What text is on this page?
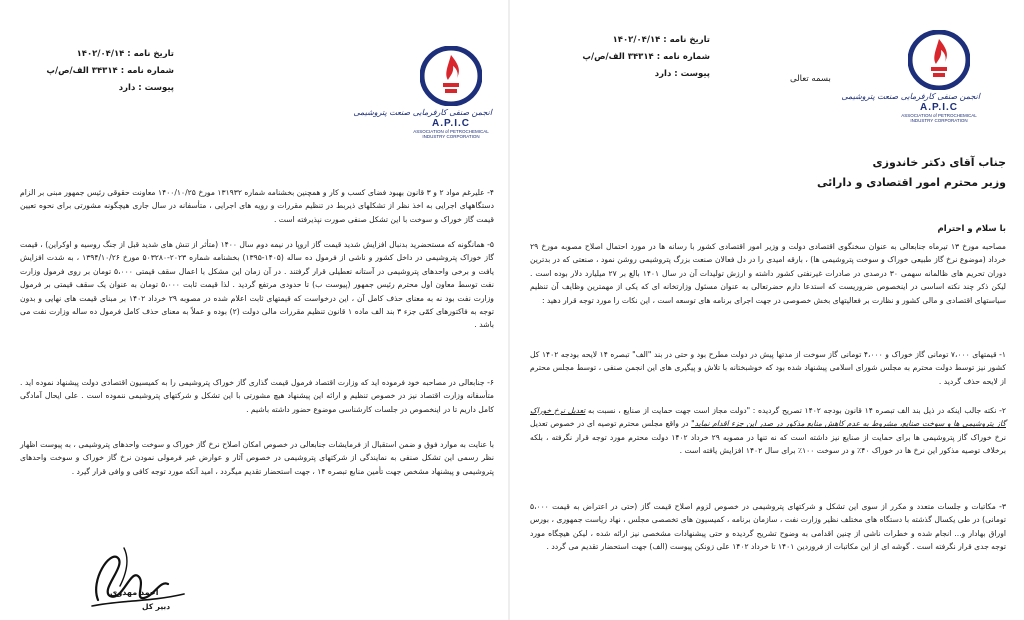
انجمن صنفی کارفرمایی صنعت پتروشیمی
A.P.I.C
ASSOCIATION of PETROCHEMICAL
INDUSTRY CORPORATION
تاریخ نامه : ۱۴۰۲/۰۴/۱۴
شماره نامه : ۳۴۳۱۴ الف/ص/پ
پیوست : دارد	بسمه تعالی
جناب آقای دکتر خاندوزی
وزیر محترم امور اقتصادی و دارائی
با سلام و احترام

مصاحبه مورخ ۱۳ تیرماه جنابعالی به عنوان سخنگوی اقتصادی دولت و وزیر امور اقتصادی کشور با رسانه ها در مورد احتمال اصلاح مصوبه مورخ ۲۹ خرداد (موضوع نرخ گاز طبیعی خوراک و سوخت پتروشیمی ها) ، بارقه امیدی را در دل فعالان صنعت بزرگ پتروشیمی روشن نمود ، صنعتی که در بدترین دوران تحریم های ظالمانه سهمی ۳۰ درصدی در صادرات غیرنفتی کشور داشته و ارزش تولیدات آن در سال ۱۴۰۱ بالغ بر ۲۷ میلیارد دلار بوده است . لیکن ذکر چند نکته اساسی در اینخصوص ضروریست که استدعا دارم حضرتعالی به عنوان مسئول وزارتخانه ای که یکی از مهمترین وظایف آن تنظیم سیاستهای اقتصادی و مالی کشور و نظارت بر فعالیتهای بخش خصوصی در جهت اجرای برنامه های توسعه است ، این نکات را مورد توجه قرار دهید :

۱- قیمتهای ۷،۰۰۰ تومانی گاز خوراک و ۴،۰۰۰ تومانی گاز سوخت از مدتها پیش در دولت مطرح بود و حتی در بند "الف" تبصره ۱۴ لایحه بودجه ۱۴۰۲ کل کشور نیز توسط دولت محترم به مجلس شورای اسلامی پیشنهاد شده بود که خوشبختانه با تلاش و پیگیری های این انجمن صنفی ، توسط مجلس محترم از لایحه حذف گردید .

۲- نکته جالب اینکه در ذیل بند الف تبصره ۱۴ قانون بودجه ۱۴۰۲ تصریح گردیده : "دولت مجاز است جهت حمایت از صنایع ، نسبت به تعدیل نرخ خوراک گاز پتروشیمی ها و سوخت صنایع، مشروط به عدم کاهش منابع مذکور در صدر این جزء اقدام نماید" در واقع مجلس محترم توصیه ای در خصوص تعدیل نرخ خوراک گاز پتروشیمی ها برای حمایت از صنایع نیز داشته است که نه تنها در مصوبه ۲۹ خرداد ۱۴۰۲ دولت محترم مورد توجه قرار نگرفته ، بلکه برخلاف توصیه مذکور این نرخ ها در خوراک ۴۰٪ و در سوخت ۱۰۰٪ برای سال ۱۴۰۲ افزایش یافته است .

۳- مکاتبات و جلسات متعدد و مکرر از سوی این تشکل و شرکتهای پتروشیمی در خصوص لزوم اصلاح قیمت گاز (حتی در اعتراض به قیمت ۵،۰۰۰ تومانی) در طی یکسال گذشته با دستگاه های مختلف نظیر وزارت نفت ، سازمان برنامه ، کمیسیون های تخصصی مجلس ، نهاد ریاست جمهوری ، بورس اوراق بهادار و... انجام شده و خطرات ناشی از چنین اقدامی به وضوح تشریح گردیده و حتی پیشنهادات مشخصی نیز ارائه شده ، لیکن هیچگاه مورد توجه جدی قرار نگرفته است . گوشه ای از این مکاتبات از فروردین ۱۴۰۱ تا خرداد ۱۴۰۲ علی زونکن پیوست (الف) جهت استحضار تقدیم می گردد .

انجمن صنفی کارفرمایی صنعت پتروشیمی
A.P.I.C
ASSOCIATION of PETROCHEMICAL
INDUSTRY CORPORATION
تاریخ نامه : ۱۴۰۲/۰۴/۱۴
شماره نامه : ۳۴۳۱۴ الف/ص/پ
پیوست : دارد

۴- علیرغم مواد ۲ و ۳ قانون بهبود فضای کسب و کار و همچنین بخشنامه شماره ۱۳۱۹۳۲ مورخ ۱۴۰۰/۱۰/۲۵ معاونت حقوقی رئیس جمهور مبنی بر الزام دستگاههای اجرایی به اخذ نظر از تشکلهای ذیربط در تنظیم مقررات و رویه های اجرایی ، متأسفانه در سال جاری هیچگونه مشورتی برای نحوه تعیین قیمت گاز خوراک و سوخت با این تشکل صنفی صورت نپذیرفته است .

۵- همانگونه که مستحضرید بدنبال افزایش شدید قیمت گاز اروپا در نیمه دوم سال ۱۴۰۰ (متأثر از تنش های شدید قبل از جنگ روسیه و اوکراین) ، قیمت گاز خوراک پتروشیمی در داخل کشور و ناشی از فرمول ده ساله (۱۴۰۵-۱۳۹۵) بخشنامه شماره ۲۰۲۳-۵۰۳۲۸۰ مورخ ۱۳۹۴/۱۰/۲۶ ، به شدت افزایش یافت و برخی واحدهای پتروشیمی در آستانه تعطیلی قرار گرفتند . در آن زمان این مشکل با اعمال سقف قیمتی ۵،۰۰۰ تومان بر روی فرمول وزارت نفت توسط معاون اول محترم رئیس جمهور (پیوست ب) تا حدودی مرتفع گردید . لذا قیمت ثابت ۵،۰۰۰ تومان به عنوان یک سقف قیمتی بر فرمول وزارت نفت بود نه به معنای حذف کامل آن ، این درخواست که قیمتهای ثابت اعلام شده در مصوبه ۲۹ خرداد ۱۴۰۲ بر مبنای قیمت های نهایی و بدون توجه به فاکتورهای کمّی جزء ۳ بند الف ماده ۱ قانون تنظیم مقررات مالی دولت (۲) بوده و عملاً به معنای حذف کامل فرمول ده ساله وزارت نفت می باشد .

۶- جنابعالی در مصاحبه خود فرموده اید که وزارت اقتصاد فرمول قیمت گذاری گاز خوراک پتروشیمی را به کمیسیون اقتصادی دولت پیشنهاد نموده اید . متأسفانه وزارت اقتصاد نیز در خصوص تنظیم و ارائه این پیشنهاد هیچ مشورتی با این تشکل و شرکتهای پتروشیمی ننموده است . علی ایحال آمادگی کامل داریم تا در اینخصوص در جلسات کارشناسی موضوع حضور داشته باشیم .

با عنایت به موارد فوق و ضمن استقبال از فرمایشات جنابعالی در خصوص امکان اصلاح نرخ گاز خوراک و سوخت واحدهای پتروشیمی ، به پیوست اظهار نظر رسمی این تشکل صنفی به نمایندگی از شرکتهای پتروشیمی در خصوص آثار و عوارض غیر فرمولی نمودن نرخ گاز خوراک و سوخت واحدهای پتروشیمی و پیشنهاد مشخص جهت تأمین منابع تبصره ۱۴ ، جهت استحضار تقدیم میگردد ، امید آنکه مورد توجه کافی و وافی قرار گیرد .

احمد مهدوی
دبیر کل
